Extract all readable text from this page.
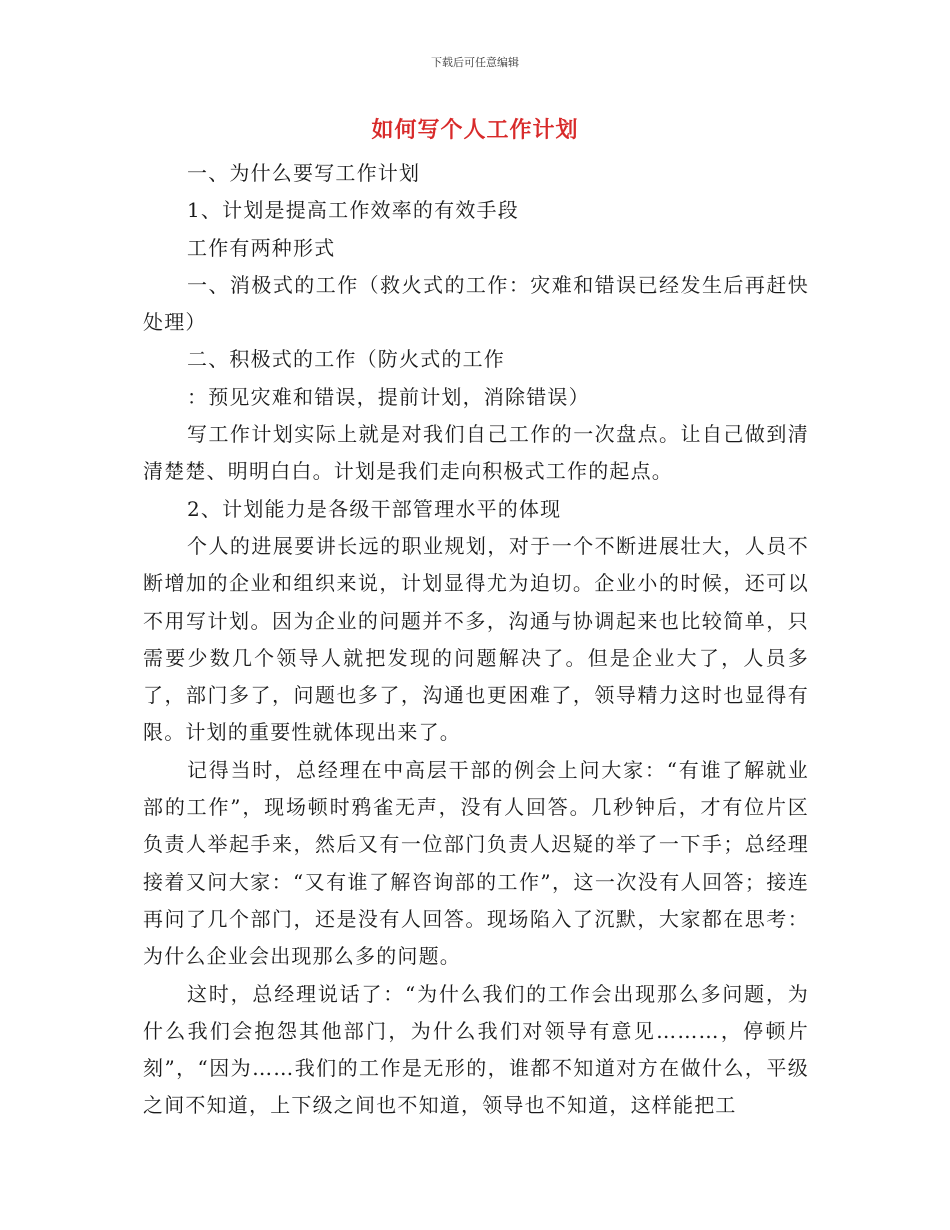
下载后可任意编辑
如何写个人工作计划

一、为什么要写工作计划

1、计划是提高工作效率的有效手段

工作有两种形式

一、消极式的工作（救火式的工作：灾难和错误已经发生后再赶快处理）

二、积极式的工作（防火式的工作

：预见灾难和错误，提前计划，消除错误）

写工作计划实际上就是对我们自己工作的一次盘点。让自己做到清清楚楚、明明白白。计划是我们走向积极式工作的起点。

2、计划能力是各级干部管理水平的体现

个人的进展要讲长远的职业规划，对于一个不断进展壮大，人员不断增加的企业和组织来说，计划显得尤为迫切。企业小的时候，还可以不用写计划。因为企业的问题并不多，沟通与协调起来也比较简单，只需要少数几个领导人就把发现的问题解决了。但是企业大了，人员多了，部门多了，问题也多了，沟通也更困难了，领导精力这时也显得有限。计划的重要性就体现出来了。

记得当时，总经理在中高层干部的例会上问大家：“有谁了解就业部的工作”，现场顿时鸦雀无声，没有人回答。几秒钟后，才有位片区负责人举起手来，然后又有一位部门负责人迟疑的举了一下手；总经理接着又问大家：“又有谁了解咨询部的工作”，这一次没有人回答；接连再问了几个部门，还是没有人回答。现场陷入了沉默，大家都在思考：为什么企业会出现那么多的问题。

这时，总经理说话了：“为什么我们的工作会出现那么多问题，为什么我们会抱怨其他部门，为什么我们对领导有意见………，停顿片刻”，“因为……我们的工作是无形的，谁都不知道对方在做什么，平级之间不知道，上下级之间也不知道，领导也不知道，这样能把工
